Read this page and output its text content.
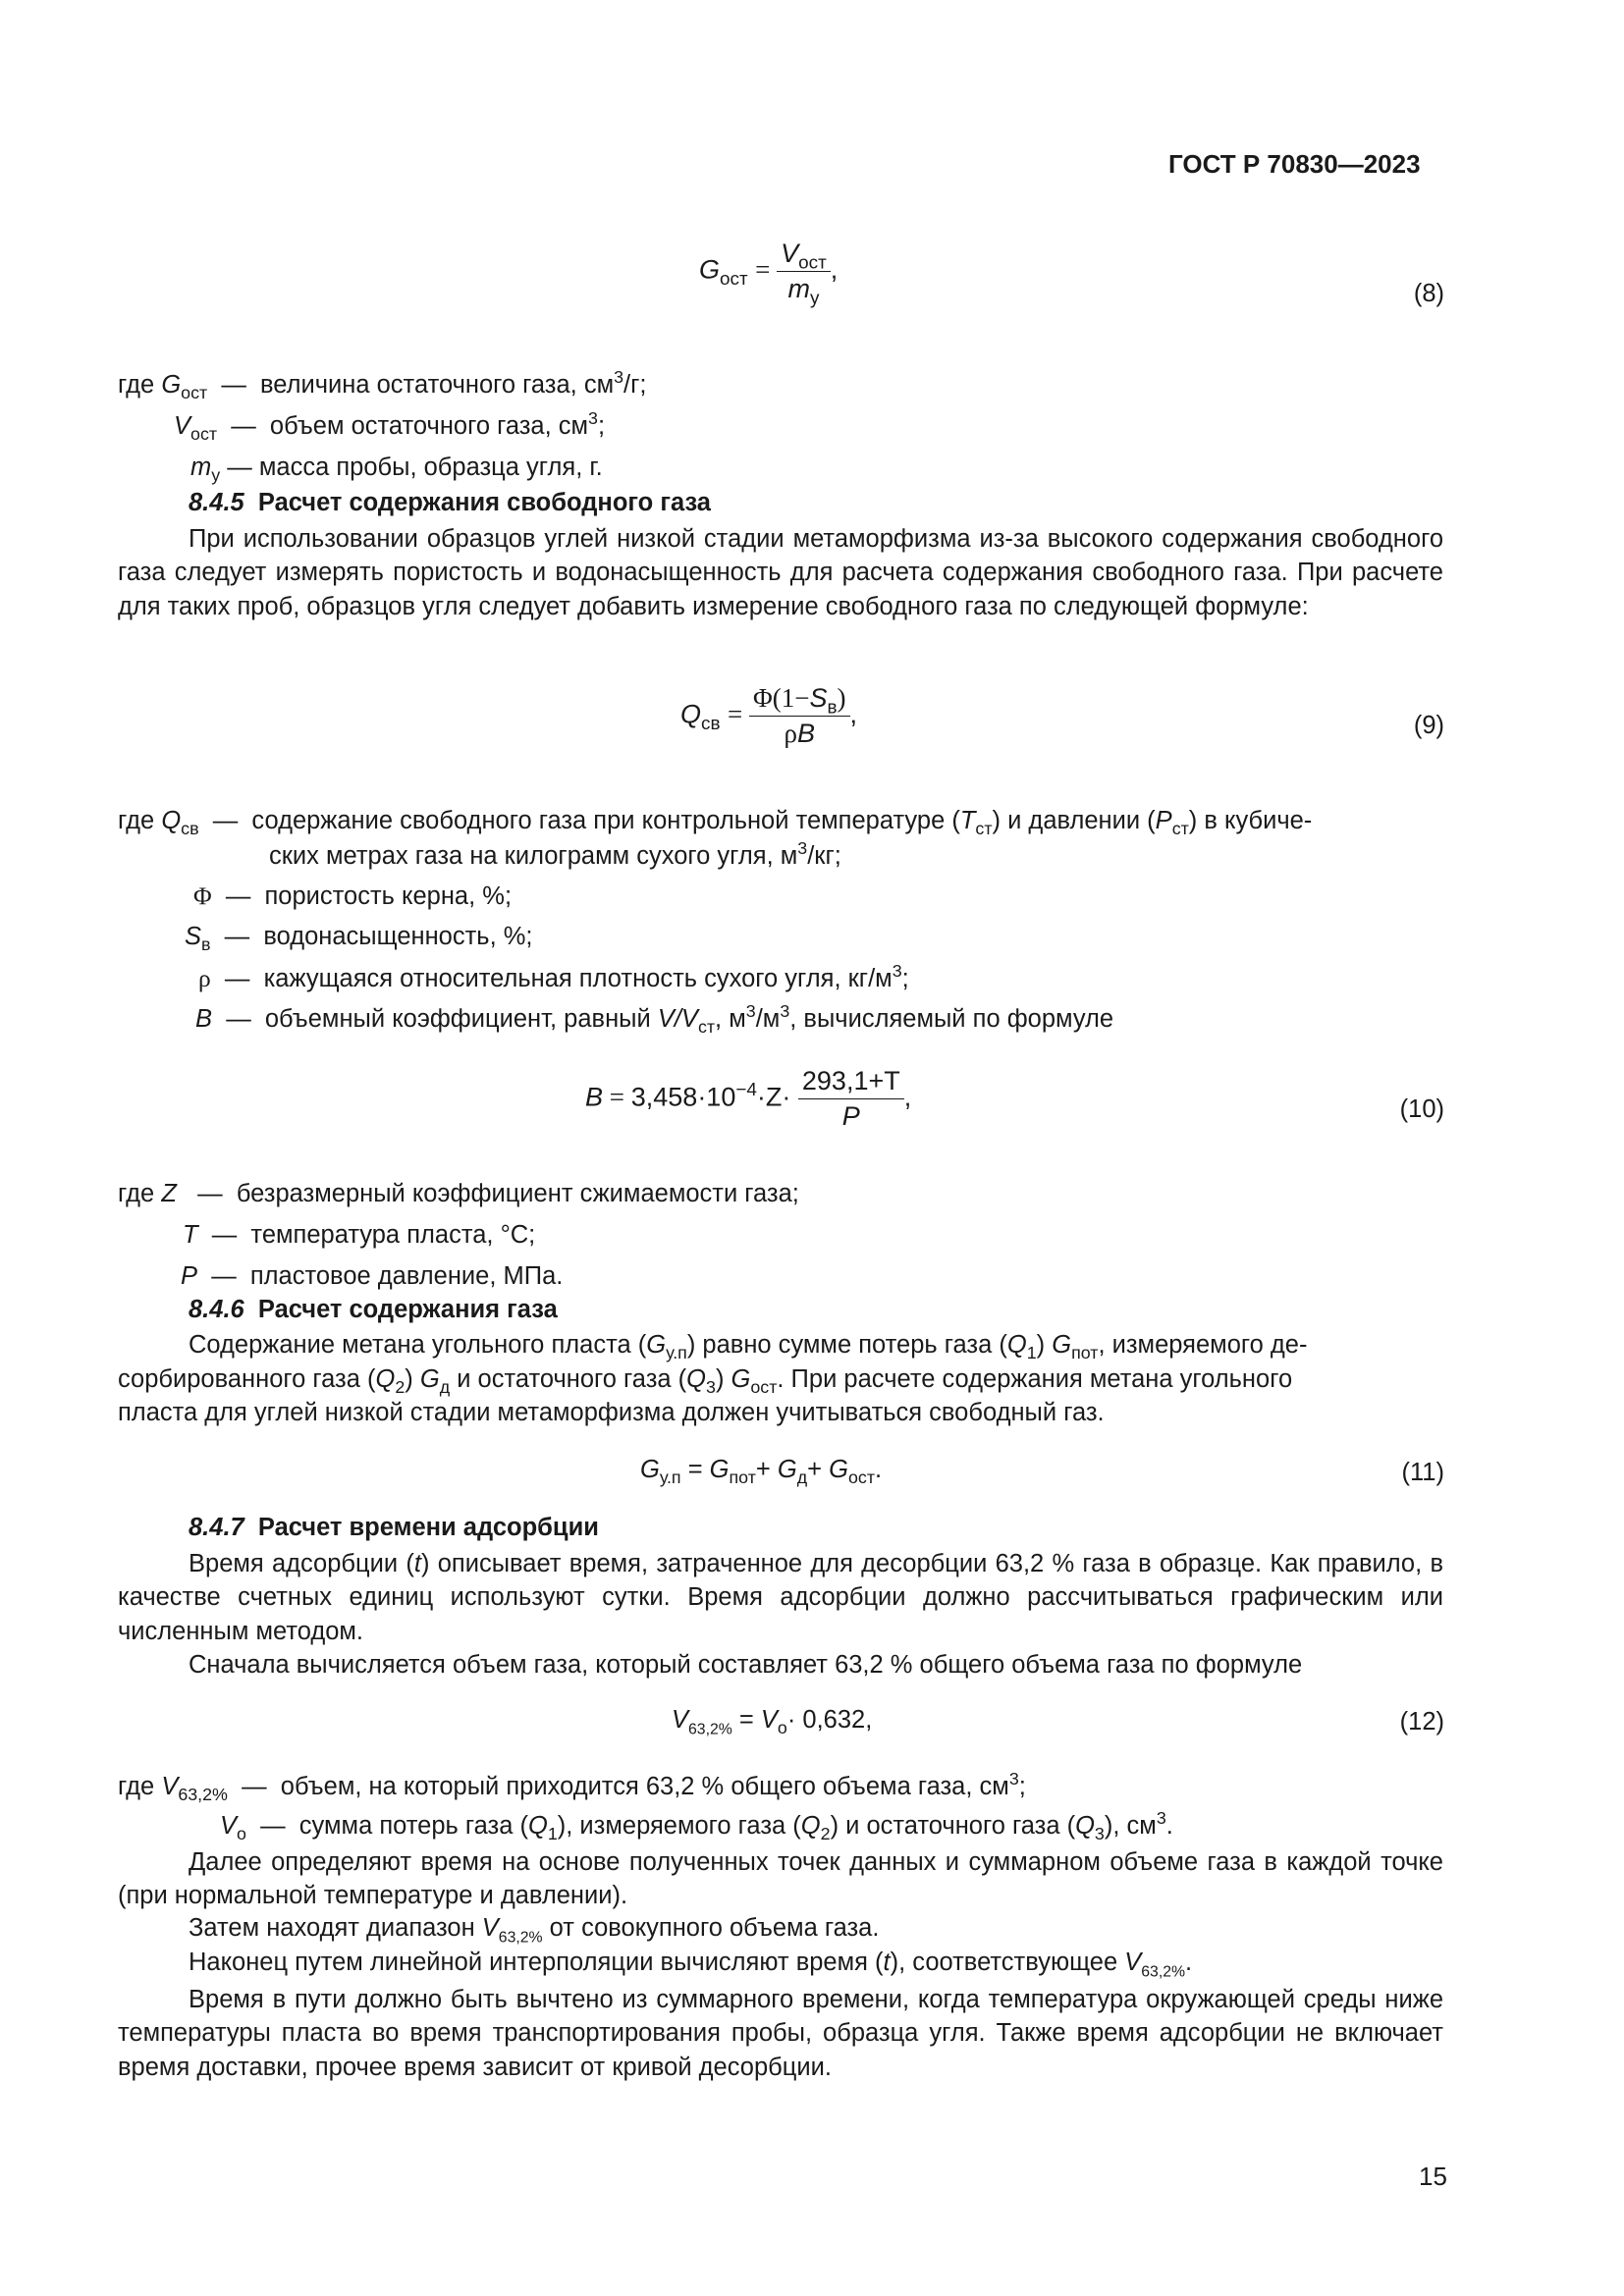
ГОСТ Р 70830—2023
$G_{ост} = \frac{V_{ост}}{m_у}$ ,
(8)
где $G_{ост}$ — величина остаточного газа, $см^3/г$;
$V_{ост}$ — объем остаточного газа, $см^3$;
$m_у$ — масса пробы, образца угля, г.
8.4.5 Расчет содержания свободного газа
При использовании образцов углей низкой стадии метаморфизма из-за высокого содержания свободного газа следует измерять пористость и водонасыщенность для расчета содержания свободного газа. При расчете для таких проб, образцов угля следует добавить измерение свободного газа по следующей формуле:
$Q_{св} = \frac{\Phi(1-S_в)}{\rho B}$ ,	(9)
где $Q_{св}$ — содержание свободного газа при контрольной температуре $(T_{ст})$ и давлении $(P_{ст})$ в кубиче-
ских метрах газа на килограмм сухого угля, $м^3/кг$;
Φ — пористость керна, %;
$S_в$ — водонасыщенность, %;
ρ — кажущаяся относительная плотность сухого угля, $кг/м^3$;
B — объемный коэффициент, равный $V/V_{ст}$, $м^3/м^3$, вычисляемый по формуле
$B = 3,458\cdot 10^{-4}\cdot Z\cdot \frac{293,1+T}{P}$ ,	(10)
где Z — безразмерный коэффициент сжимаемости газа;
T — температура пласта, °С;
P — пластовое давление, МПа.
8.4.6 Расчет содержания газа
Содержание метана угольного пласта $(G_{у.п})$ равно сумме потерь газа $(Q_1)$ $G_{пот}$, измеряемого де-
сорбированного газа $(Q_2)$ $G_д$ и остаточного газа $(Q_3)$ $G_{ост}$. При расчете содержания метана угольного
пласта для углей низкой стадии метаморфизма должен учитываться свободный газ.
$G_{у.п} = G_{пот}+ G_д+ G_{ост}$.	(11)
8.4.7 Расчет времени адсорбции
Время адсорбции (t) описывает время, затраченное для десорбции 63,2 % газа в образце. Как правило, в качестве счетных единиц используют сутки. Время адсорбции должно рассчитываться графическим или численным методом.
Сначала вычисляется объем газа, который составляет 63,2 % общего объема газа по формуле
$V_{63,2\%} = V_о\cdot 0,632$,	(12)
где $V_{63,2\%}$ — объем, на который приходится 63,2 % общего объема газа, $см^3$;
$V_о$ — сумма потерь газа $(Q_1)$, измеряемого газа $(Q_2)$ и остаточного газа $(Q_3)$, $см^3$.
Далее определяют время на основе полученных точек данных и суммарном объеме газа в каждой точке (при нормальной температуре и давлении).
Затем находят диапазон $V_{63,2\%}$ от совокупного объема газа.
Наконец путем линейной интерполяции вычисляют время (t), соответствующее $V_{63,2\%}$.
Время в пути должно быть вычтено из суммарного времени, когда температура окружающей среды ниже температуры пласта во время транспортирования пробы, образца угля. Также время адсорбции не включает время доставки, прочее время зависит от кривой десорбции.
15
